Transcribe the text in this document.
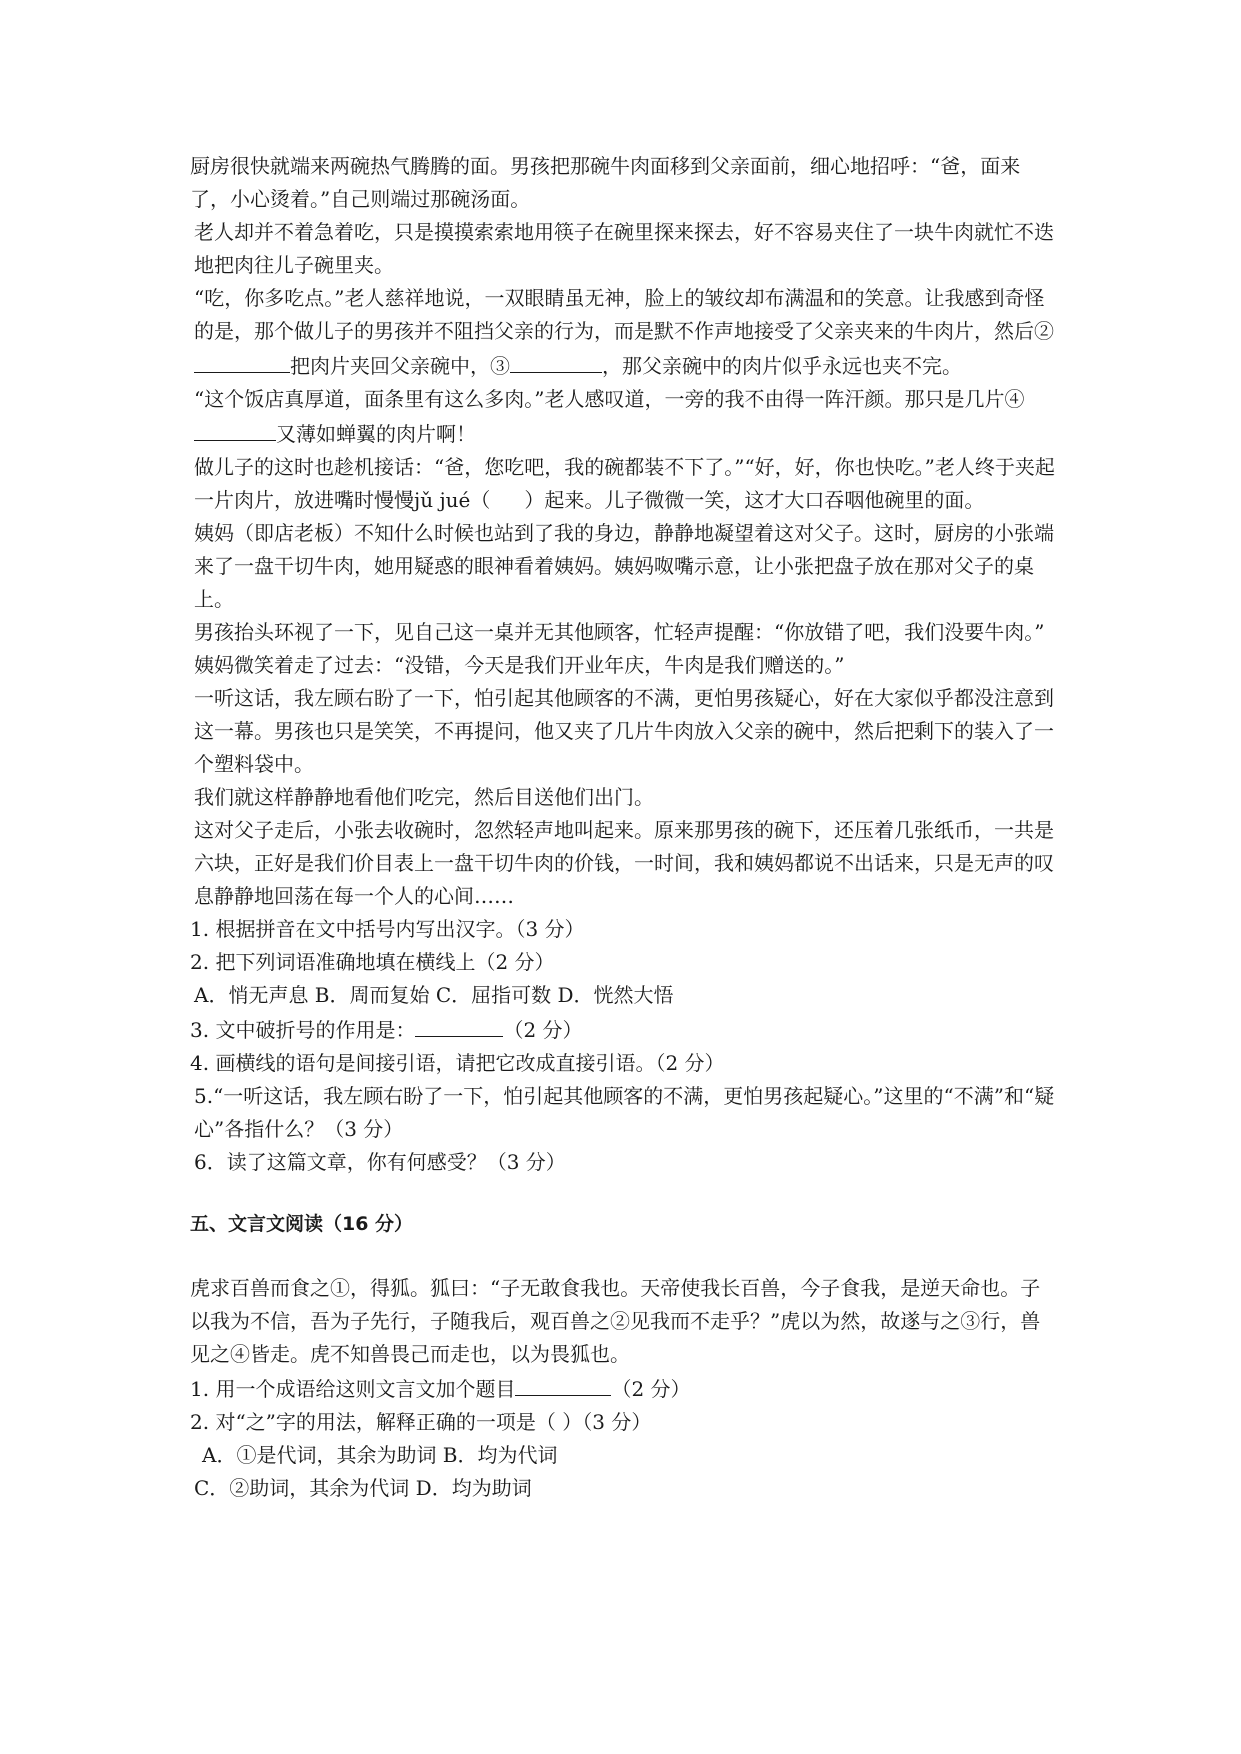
厨房很快就端来两碗热气腾腾的面。男孩把那碗牛肉面移到父亲面前，细心地招呼：“爸，面来了，小心烫着。”自己则端过那碗汤面。

老人却并不着急着吃，只是摸摸索索地用筷子在碗里探来探去，好不容易夹住了一块牛肉就忙不迭地把肉往儿子碗里夹。

“吃，你多吃点。”老人慈祥地说，一双眼睛虽无神，脸上的皱纹却布满温和的笑意。让我感到奇怪的是，那个做儿子的男孩并不阻挡父亲的行为，而是默不作声地接受了父亲夹来的牛肉片，然后②把肉片夹回父亲碗中，③	，那父亲碗中的肉片似乎永远也夹不完。

“这个饭店真厚道，面条里有这么多肉。”老人感叹道，一旁的我不由得一阵汗颜。那只是几片④又薄如蝉翼的肉片啊！

做儿子的这时也趁机接话：“爸，您吃吧，我的碗都装不下了。”“好，好，你也快吃。”老人终于夹起一片肉片，放进嘴时慢慢jǔ jué（ ）起来。儿子微微一笑，这才大口吞咽他碗里的面。

姨妈（即店老板）不知什么时候也站到了我的身边，静静地凝望着这对父子。这时，厨房的小张端来了一盘干切牛肉，她用疑惑的眼神看着姨妈。姨妈呶嘴示意，让小张把盘子放在那对父子的桌上。

男孩抬头环视了一下，见自己这一桌并无其他顾客，忙轻声提醒：“你放错了吧，我们没要牛肉。”

姨妈微笑着走了过去：“没错，今天是我们开业年庆，牛肉是我们赠送的。”

一听这话，我左顾右盼了一下，怕引起其他顾客的不满，更怕男孩疑心，好在大家似乎都没注意到这一幕。男孩也只是笑笑，不再提问，他又夹了几片牛肉放入父亲的碗中，然后把剩下的装入了一个塑料袋中。

我们就这样静静地看他们吃完，然后目送他们出门。

这对父子走后，小张去收碗时，忽然轻声地叫起来。原来那男孩的碗下，还压着几张纸币，一共是六块，正好是我们价目表上一盘干切牛肉的价钱，一时间，我和姨妈都说不出话来，只是无声的叹息静静地回荡在每一个人的心间……

1. 根据拼音在文中括号内写出汉字。（3 分）

2. 把下列词语准确地填在横线上（2 分）

A．悄无声息 B．周而复始 C．屈指可数 D．恍然大悟

3. 文中破折号的作用是：	（2 分）

4. 画横线的语句是间接引语，请把它改成直接引语。（2 分）

5.“一听这话，我左顾右盼了一下，怕引起其他顾客的不满，更怕男孩起疑心。”这里的“不满”和“疑心”各指什么？（3 分）

6．读了这篇文章，你有何感受？（3 分）

五、文言文阅读（16 分）

虎求百兽而食之①，得狐。狐曰：“子无敢食我也。天帝使我长百兽，今子食我，是逆天命也。子以我为不信，吾为子先行，子随我后，观百兽之②见我而不走乎？”虎以为然，故遂与之③行，兽见之④皆走。虎不知兽畏己而走也，以为畏狐也。

1. 用一个成语给这则文言文加个题目	（2 分）

2. 对“之”字的用法，解释正确的一项是（ ）（3 分）

A．①是代词，其余为助词 B．均为代词

C．②助词，其余为代词 D．均为助词
